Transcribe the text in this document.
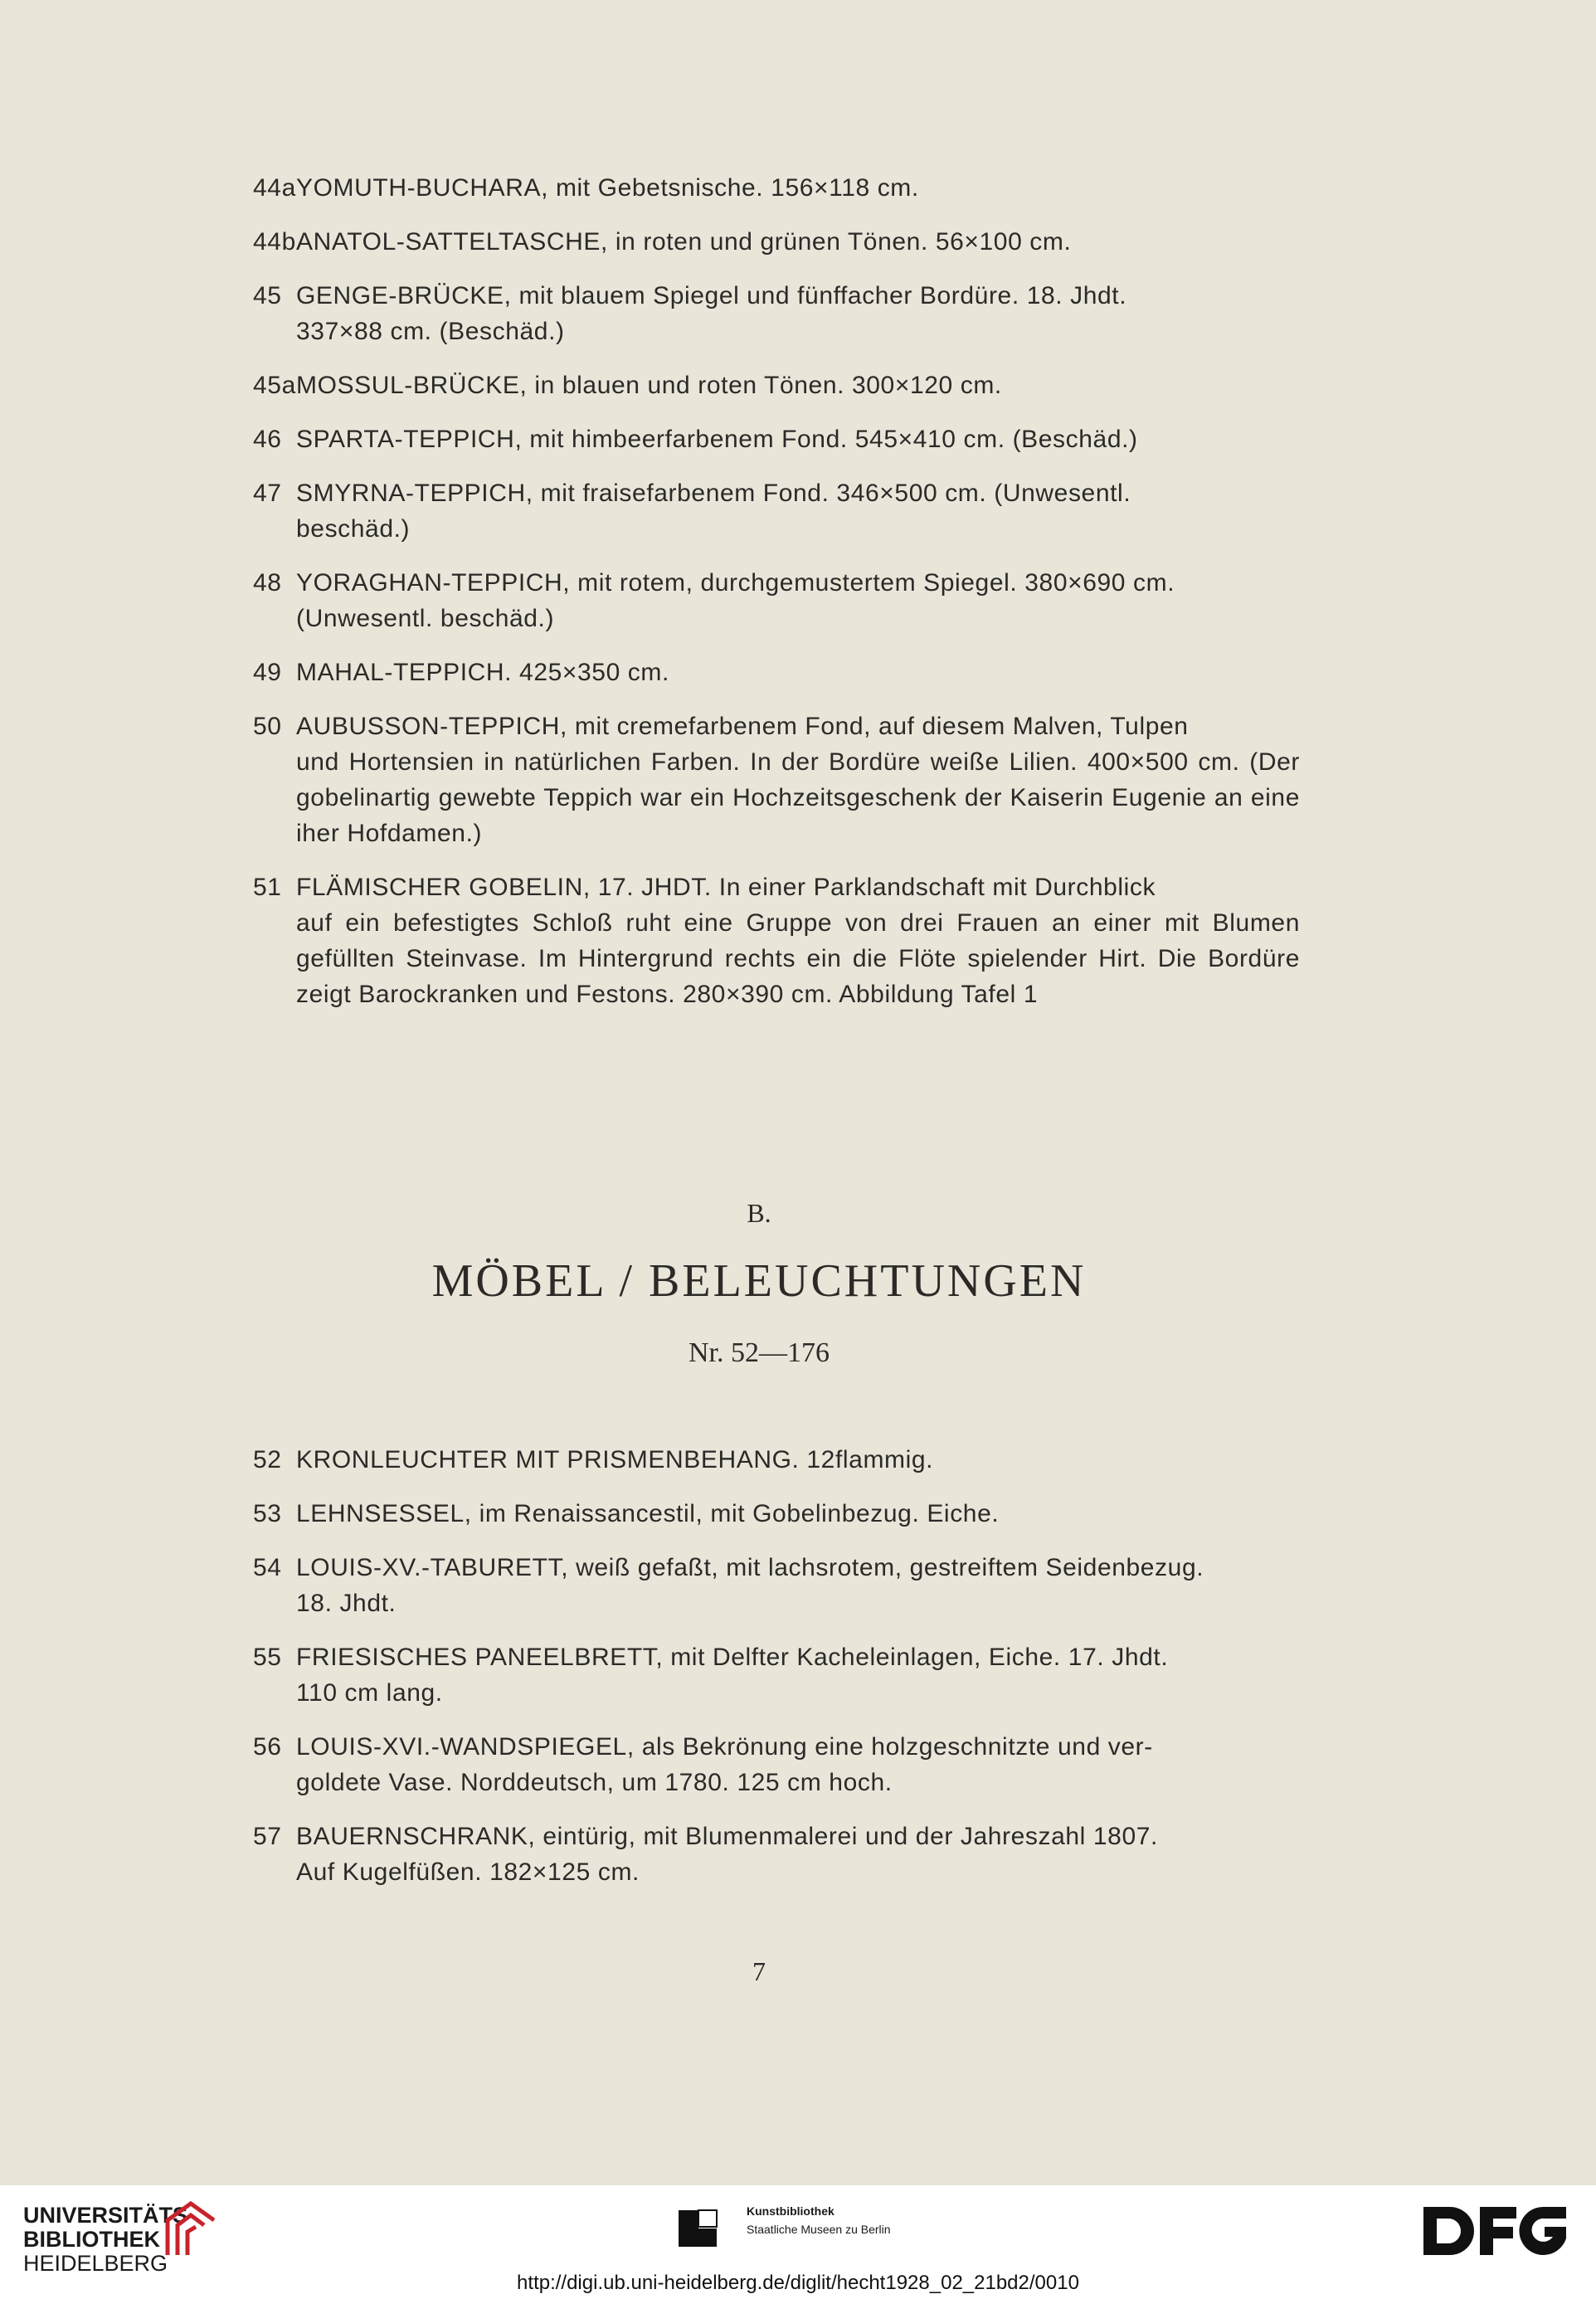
44aYOMUTH-BUCHARA, mit Gebetsnische. 156×118 cm.
44bANATOL-SATTELTASCHE, in roten und grünen Tönen. 56×100 cm.
45 GENGE-BRÜCKE, mit blauem Spiegel und fünffacher Bordüre. 18. Jhdt.
337×88 cm. (Beschäd.)
45aMOSSUL-BRÜCKE, in blauen und roten Tönen. 300×120 cm.
46 SPARTA-TEPPICH, mit himbeerfarbenem Fond. 545×410 cm. (Beschäd.)
47 SMYRNA-TEPPICH, mit fraisefarbenem Fond. 346×500 cm. (Unwesentl.
beschäd.)
48 YORAGHAN-TEPPICH, mit rotem, durchgemustertem Spiegel. 380×690 cm.
(Unwesentl. beschäd.)
49 MAHAL-TEPPICH. 425×350 cm.
50 AUBUSSON-TEPPICH, mit cremefarbenem Fond, auf diesem Malven, Tulpen
und Hortensien in natürlichen Farben. In der Bordüre weiße Lilien. 400×500 cm. (Der gobelinartig gewebte Teppich war ein Hochzeitsgeschenk der Kaiserin Eugenie an eine iher Hofdamen.)
51 FLÄMISCHER GOBELIN, 17. JHDT. In einer Parklandschaft mit Durchblick
auf ein befestigtes Schloß ruht eine Gruppe von drei Frauen an einer mit Blumen gefüllten Steinvase. Im Hintergrund rechts ein die Flöte spielender Hirt. Die Bordüre zeigt Barockranken und Festons. 280×390 cm. Abbildung Tafel 1
B.
MÖBEL / BELEUCHTUNGEN
Nr. 52—176
52 KRONLEUCHTER MIT PRISMENBEHANG. 12flammig.
53 LEHNSESSEL, im Renaissancestil, mit Gobelinbezug. Eiche.
54 LOUIS-XV.-TABURETT, weiß gefaßt, mit lachsrotem, gestreiftem Seidenbezug.
18. Jhdt.
55 FRIESISCHES PANEELBRETT, mit Delfter Kacheleinlagen, Eiche. 17. Jhdt.
110 cm lang.
56 LOUIS-XVI.-WANDSPIEGEL, als Bekrönung eine holzgeschnitzte und ver-
goldete Vase. Norddeutsch, um 1780. 125 cm hoch.
57 BAUERNSCHRANK, eintürig, mit Blumenmalerei und der Jahreszahl 1807.
Auf Kugelfüßen. 182×125 cm.
7
UNIVERSITÄTS-
BIBLIOTHEK
HEIDELBERG
Kunstbibliothek
Staatliche Museen zu Berlin
http://digi.ub.uni-heidelberg.de/diglit/hecht1928_02_21bd2/0010
